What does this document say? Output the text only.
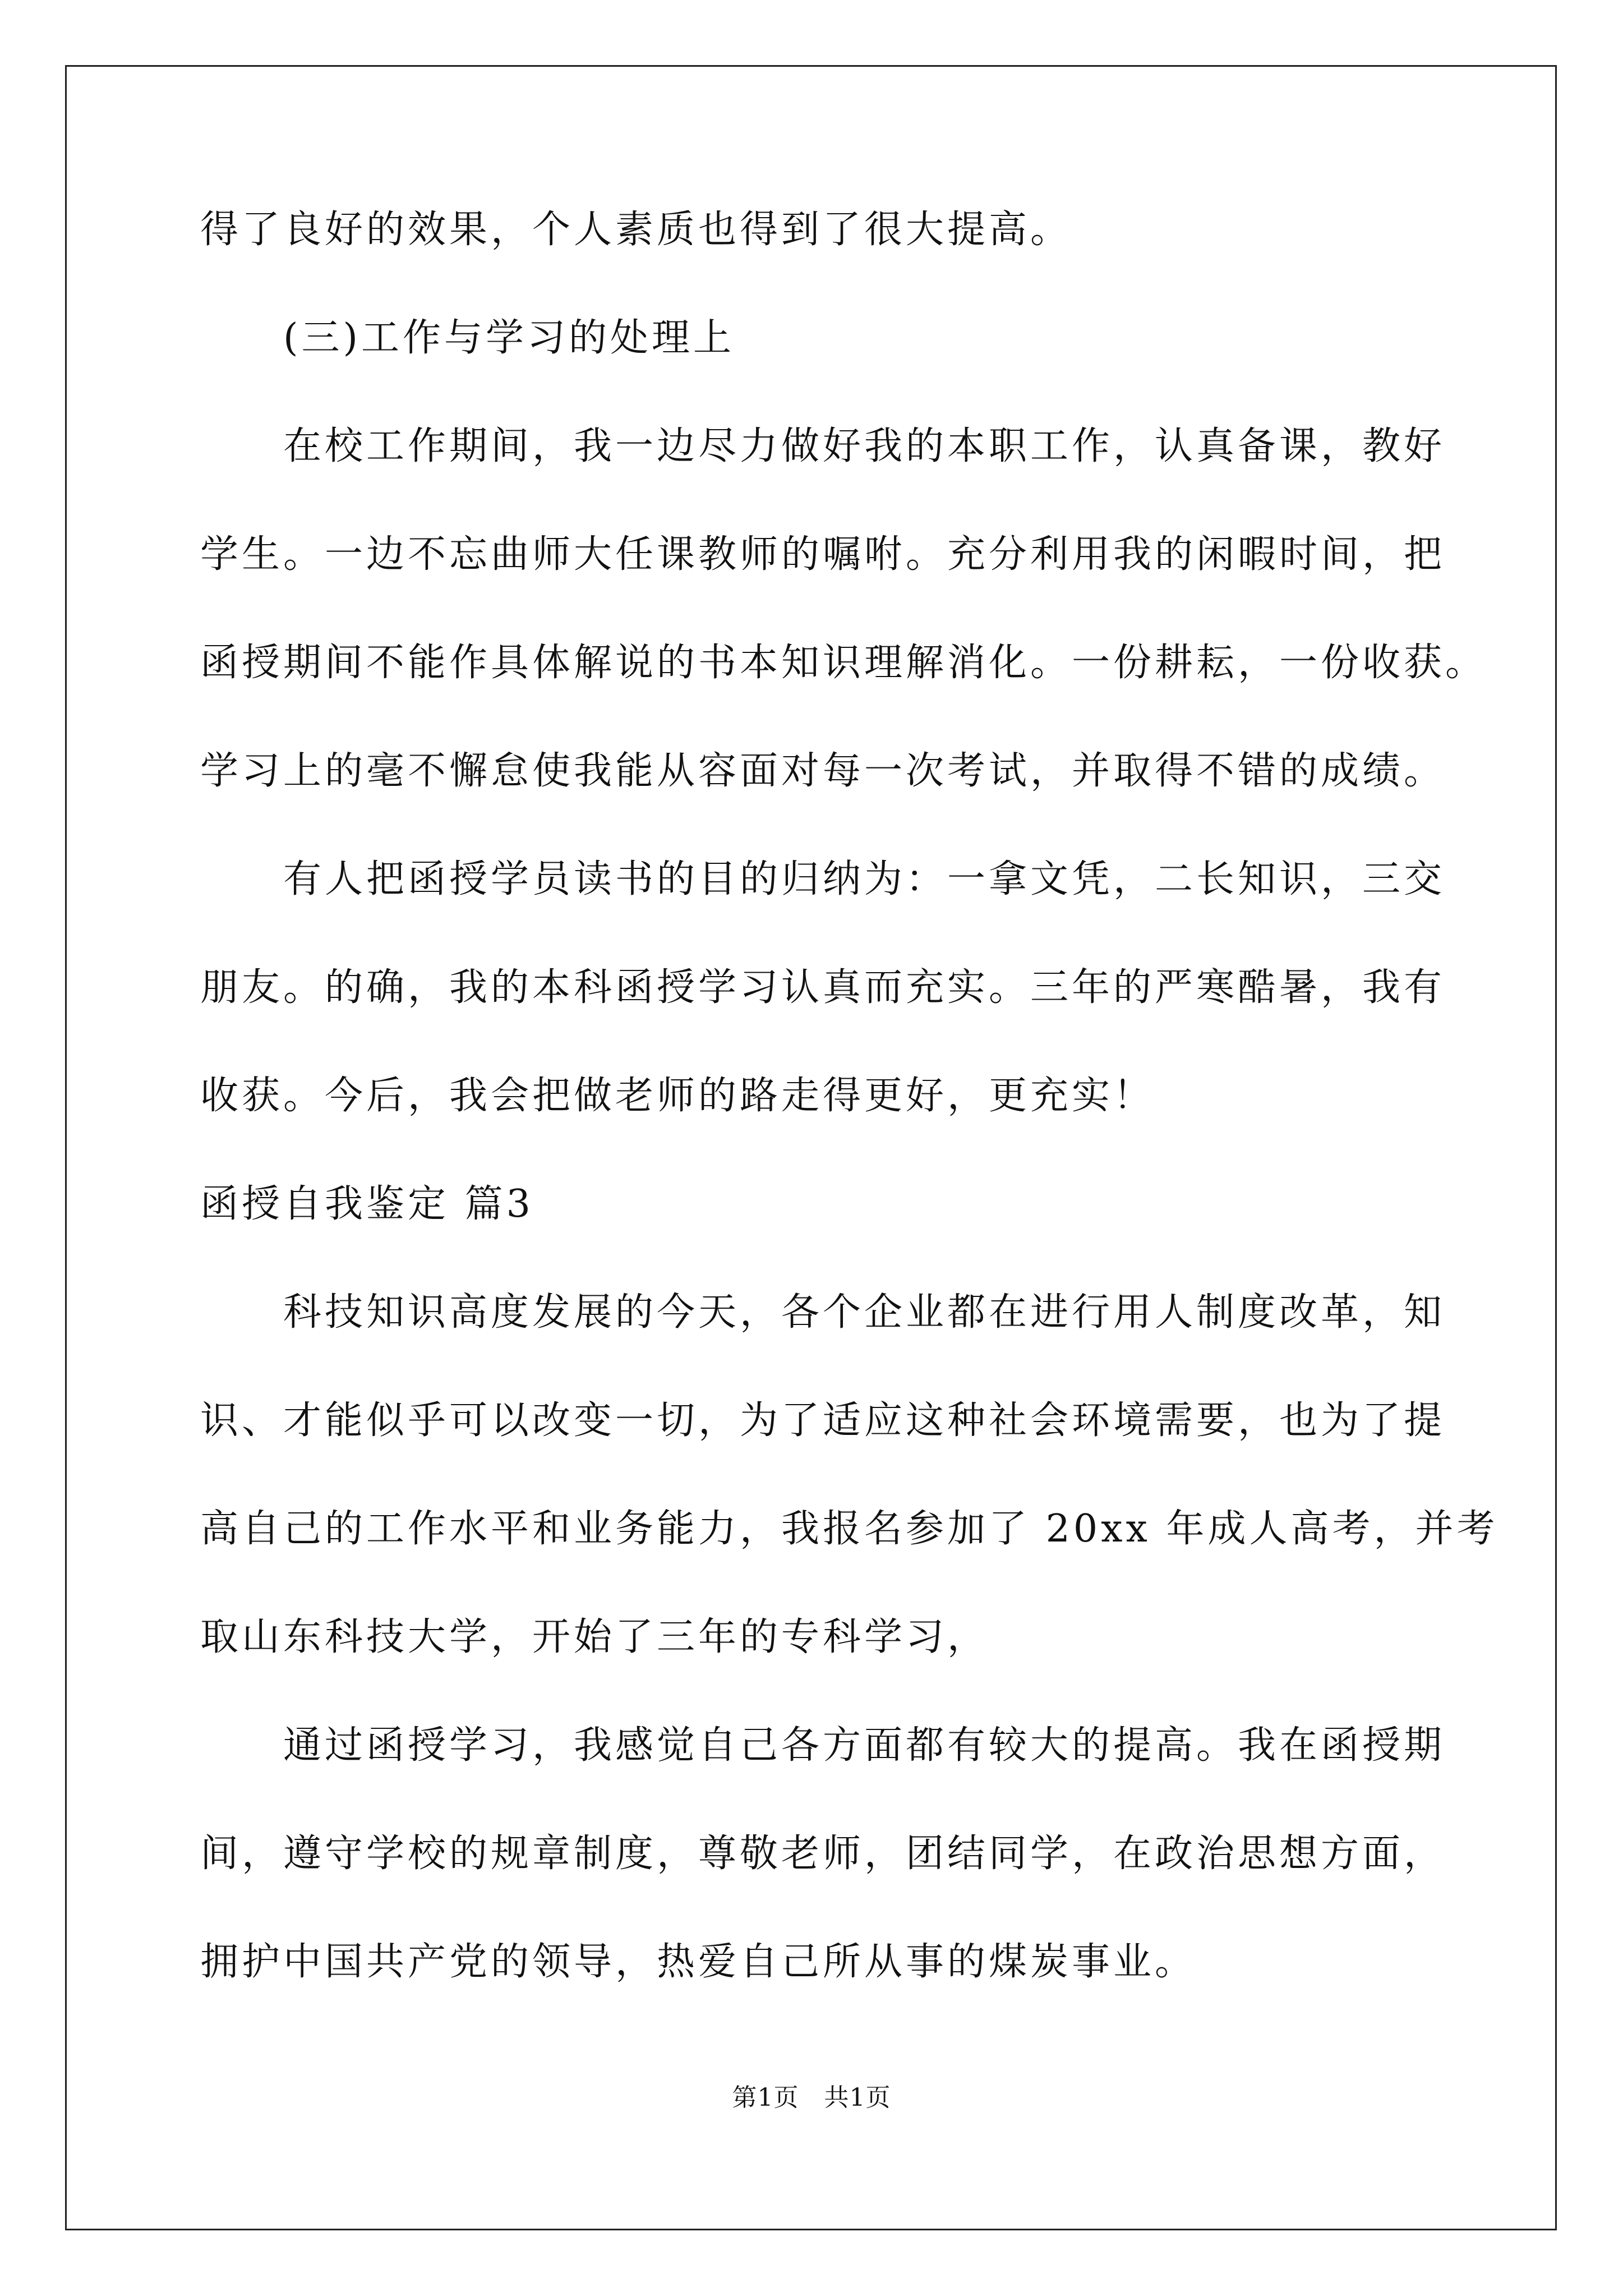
得了良好的效果，个人素质也得到了很大提高。
(三)工作与学习的处理上
在校工作期间，我一边尽力做好我的本职工作，认真备课，教好
学生。一边不忘曲师大任课教师的嘱咐。充分利用我的闲暇时间，把
函授期间不能作具体解说的书本知识理解消化。一份耕耘，一份收获。
学习上的毫不懈怠使我能从容面对每一次考试，并取得不错的成绩。
有人把函授学员读书的目的归纳为：一拿文凭，二长知识，三交
朋友。的确，我的本科函授学习认真而充实。三年的严寒酷暑，我有
收获。今后，我会把做老师的路走得更好，更充实！
函授自我鉴定 篇3
科技知识高度发展的今天，各个企业都在进行用人制度改革，知
识、才能似乎可以改变一切，为了适应这种社会环境需要，也为了提
高自己的工作水平和业务能力，我报名参加了 20xx 年成人高考，并考
取山东科技大学，开始了三年的专科学习，
通过函授学习，我感觉自己各方面都有较大的提高。我在函授期
间，遵守学校的规章制度，尊敬老师，团结同学，在政治思想方面，
拥护中国共产党的领导，热爱自己所从事的煤炭事业。
第1页　共1页
